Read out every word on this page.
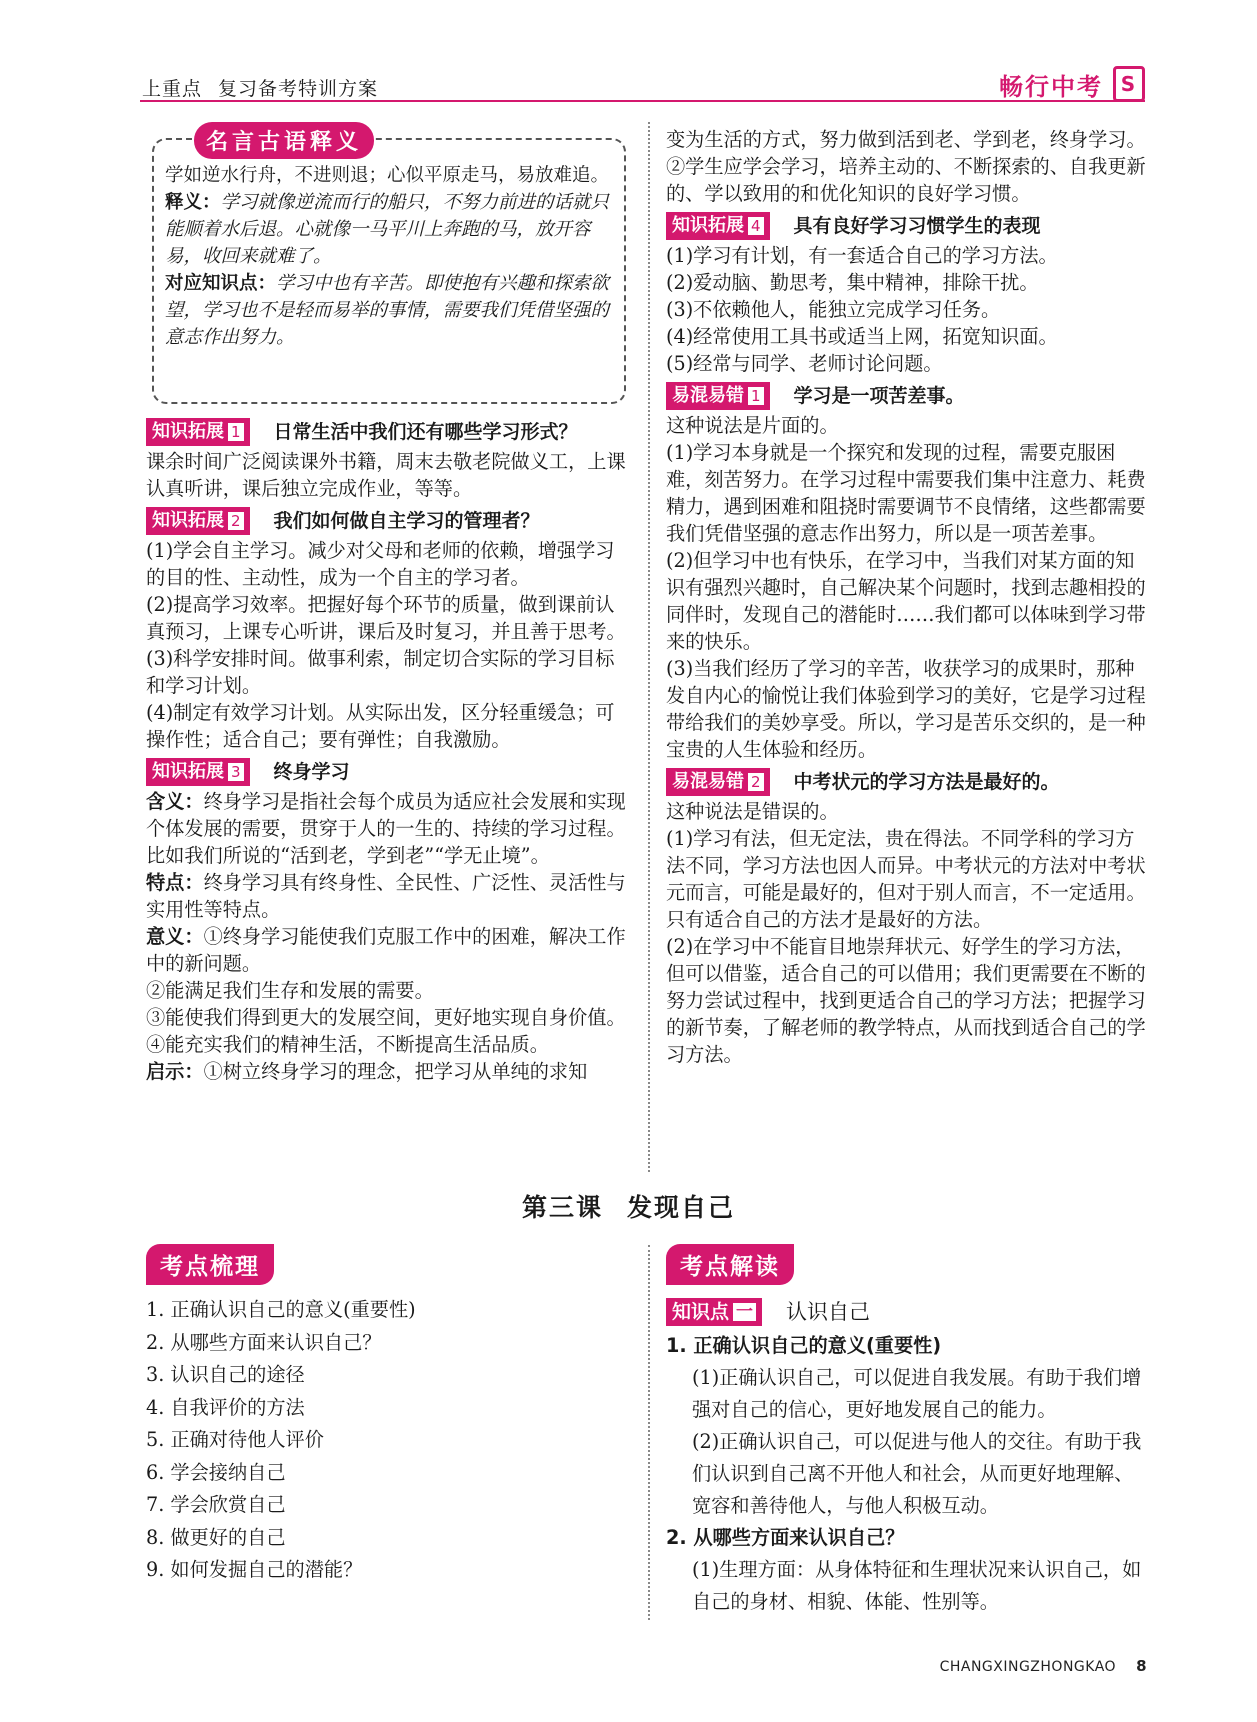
上重点 复习备考特训方案	畅行中考 S
名言古语释义

学如逆水行舟，不进则退；心似平原走马，易放难追。

释义：学习就像逆流而行的船只，不努力前进的话就只能顺着水后退。心就像一马平川上奔跑的马，放开容易，收回来就难了。

对应知识点：学习中也有辛苦。即使抱有兴趣和探索欲望，学习也不是轻而易举的事情，需要我们凭借坚强的意志作出努力。

知识拓展 1 日常生活中我们还有哪些学习形式？

课余时间广泛阅读课外书籍，周末去敬老院做义工，上课认真听讲，课后独立完成作业，等等。

知识拓展 2 我们如何做自主学习的管理者？

(1)学会自主学习。减少对父母和老师的依赖，增强学习的目的性、主动性，成为一个自主的学习者。

(2)提高学习效率。把握好每个环节的质量，做到课前认真预习，上课专心听讲，课后及时复习，并且善于思考。

(3)科学安排时间。做事利索，制定切合实际的学习目标和学习计划。

(4)制定有效学习计划。从实际出发，区分轻重缓急；可操作性；适合自己；要有弹性；自我激励。

知识拓展 3 终身学习

含义：终身学习是指社会每个成员为适应社会发展和实现个体发展的需要，贯穿于人的一生的、持续的学习过程。比如我们所说的“活到老，学到老”“学无止境”。

特点：终身学习具有终身性、全民性、广泛性、灵活性与实用性等特点。

意义：①终身学习能使我们克服工作中的困难，解决工作中的新问题。

②能满足我们生存和发展的需要。

③能使我们得到更大的发展空间，更好地实现自身价值。

④能充实我们的精神生活，不断提高生活品质。

启示：①树立终身学习的理念，把学习从单纯的求知

变为生活的方式，努力做到活到老、学到老，终身学习。

②学生应学会学习，培养主动的、不断探索的、自我更新的、学以致用的和优化知识的良好学习惯。

知识拓展 4 具有良好学习习惯学生的表现

(1)学习有计划，有一套适合自己的学习方法。

(2)爱动脑、勤思考，集中精神，排除干扰。

(3)不依赖他人，能独立完成学习任务。

(4)经常使用工具书或适当上网，拓宽知识面。

(5)经常与同学、老师讨论问题。

易混易错 1 学习是一项苦差事。

这种说法是片面的。

(1)学习本身就是一个探究和发现的过程，需要克服困难，刻苦努力。在学习过程中需要我们集中注意力、耗费精力，遇到困难和阻挠时需要调节不良情绪，这些都需要我们凭借坚强的意志作出努力，所以是一项苦差事。

(2)但学习中也有快乐，在学习中，当我们对某方面的知识有强烈兴趣时，自己解决某个问题时，找到志趣相投的同伴时，发现自己的潜能时……我们都可以体味到学习带来的快乐。

(3)当我们经历了学习的辛苦，收获学习的成果时，那种发自内心的愉悦让我们体验到学习的美好，它是学习过程带给我们的美妙享受。所以，学习是苦乐交织的，是一种宝贵的人生体验和经历。

易混易错 2 中考状元的学习方法是最好的。

这种说法是错误的。

(1)学习有法，但无定法，贵在得法。不同学科的学习方法不同，学习方法也因人而异。中考状元的方法对中考状元而言，可能是最好的，但对于别人而言，不一定适用。只有适合自己的方法才是最好的方法。

(2)在学习中不能盲目地崇拜状元、好学生的学习方法，但可以借鉴，适合自己的可以借用；我们更需要在不断的努力尝试过程中，找到更适合自己的学习方法；把握学习的新节奏，了解老师的教学特点，从而找到适合自己的学习方法。

第三课 发现自己
考点梳理
1. 正确认识自己的意义(重要性)
2. 从哪些方面来认识自己？
3. 认识自己的途径
4. 自我评价的方法
5. 正确对待他人评价
6. 学会接纳自己
7. 学会欣赏自己
8. 做更好的自己
9. 如何发掘自己的潜能？
考点解读
知识点 一 认识自己
1. 正确认识自己的意义(重要性)
(1)正确认识自己，可以促进自我发展。有助于我们增强对自己的信心，更好地发展自己的能力。
(2)正确认识自己，可以促进与他人的交往。有助于我们认识到自己离不开他人和社会，从而更好地理解、宽容和善待他人，与他人积极互动。
2. 从哪些方面来认识自己？
(1)生理方面：从身体特征和生理状况来认识自己，如自己的身材、相貌、体能、性别等。
CHANGXINGZHONGKAO 8
